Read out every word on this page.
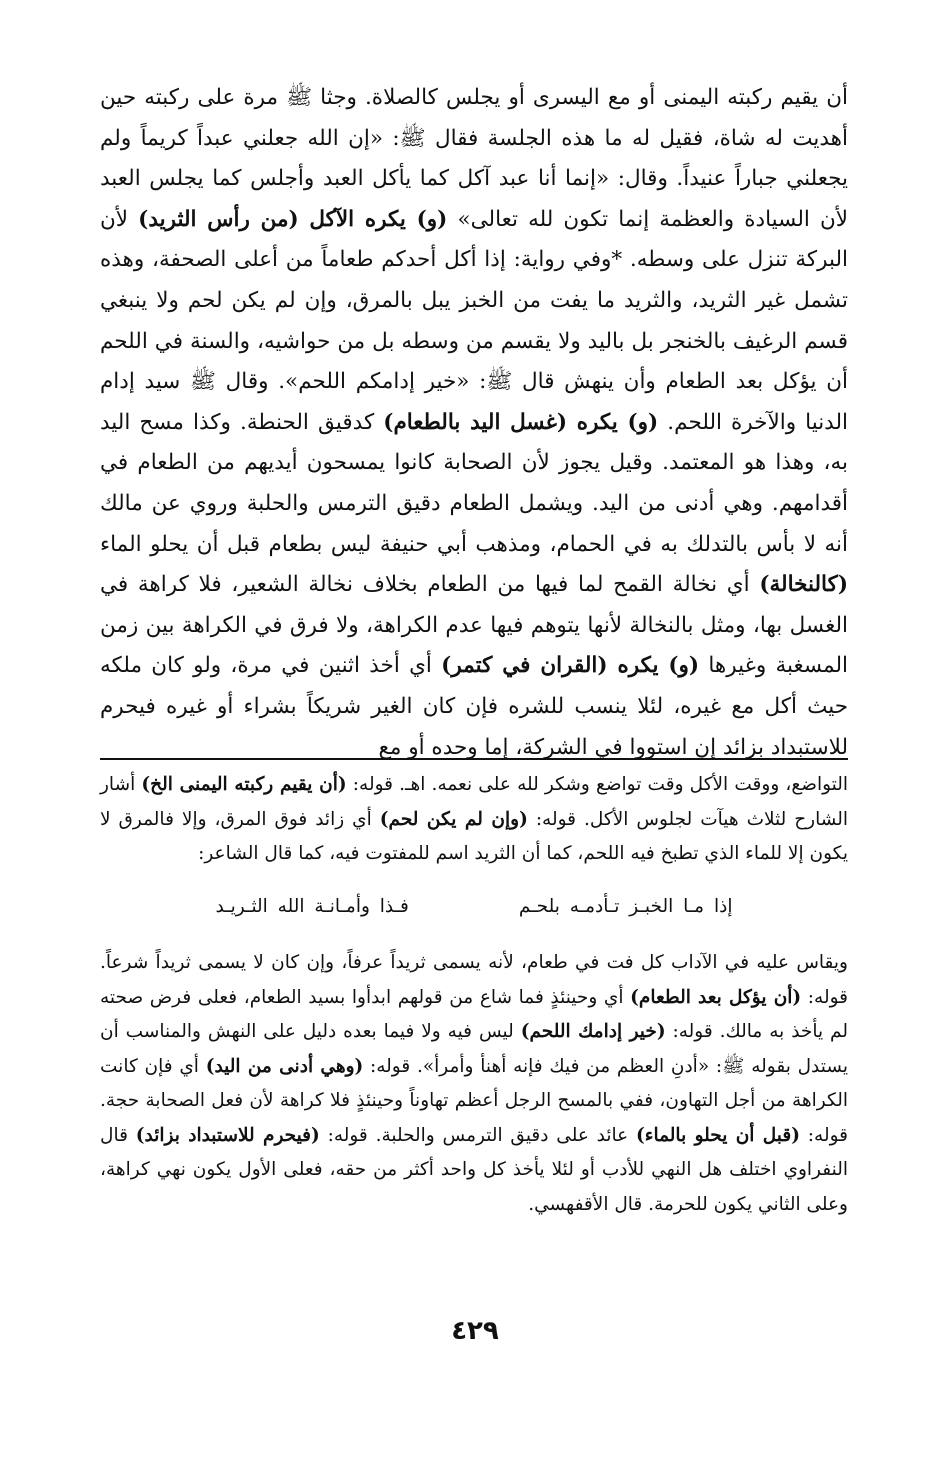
أن يقيم ركبته اليمنى أو مع اليسرى أو يجلس كالصلاة. وجثا ﷺ مرة على ركبته حين أهديت له شاة، فقيل له ما هذه الجلسة فقال ﷺ: «إن الله جعلني عبداً كريماً ولم يجعلني جباراً عنيداً. وقال: «إنما أنا عبد آكل كما يأكل العبد وأجلس كما يجلس العبد لأن السيادة والعظمة إنما تكون لله تعالى» (و) يكره الآكل (من رأس الثريد) لأن البركة تنزل على وسطه. *وفي رواية: إذا أكل أحدكم طعاماً من أعلى الصحفة، وهذه تشمل غير الثريد، والثريد ما يفت من الخبز يبل بالمرق، وإن لم يكن لحم ولا ينبغي قسم الرغيف بالخنجر بل باليد ولا يقسم من وسطه بل من حواشيه، والسنة في اللحم أن يؤكل بعد الطعام وأن ينهش قال ﷺ: «خير إدامكم اللحم». وقال ﷺ سيد إدام الدنيا والآخرة اللحم. (و) يكره (غسل اليد بالطعام) كدقيق الحنطة. وكذا مسح اليد به، وهذا هو المعتمد. وقيل يجوز لأن الصحابة كانوا يمسحون أيديهم من الطعام في أقدامهم. وهي أدنى من اليد. ويشمل الطعام دقيق الترمس والحلبة وروي عن مالك أنه لا بأس بالتدلك به في الحمام، ومذهب أبي حنيفة ليس بطعام قبل أن يحلو الماء (كالنخالة) أي نخالة القمح لما فيها من الطعام بخلاف نخالة الشعير، فلا كراهة في الغسل بها، ومثل بالنخالة لأنها يتوهم فيها عدم الكراهة، ولا فرق في الكراهة بين زمن المسغبة وغيرها (و) يكره (القران في كتمر) أي أخذ اثنين في مرة، ولو كان ملكه حيث أكل مع غيره، لئلا ينسب للشره فإن كان الغير شريكاً بشراء أو غيره فيحرم للاستبداد بزائد إن استووا في الشركة، إما وحده أو مع

التواضع، ووقت الأكل وقت تواضع وشكر لله على نعمه. اهـ. قوله: (أن يقيم ركبته اليمنى الخ) أشار الشارح لثلاث هيآت لجلوس الأكل. قوله: (وإن لم يكن لحم) أي زائد فوق المرق، وإلا فالمرق لا يكون إلا للماء الذي تطبخ فيه اللحم، كما أن الثريد اسم للمفتوت فيه، كما قال الشاعر:

إذا مـا الخبـز تـأدمـه بلحـم
فـذا وأمـانـة الله الثـريـد

ويقاس عليه في الآداب كل فت في طعام، لأنه يسمى ثريداً عرفاً، وإن كان لا يسمى ثريداً شرعاً. قوله: (أن يؤكل بعد الطعام) أي وحينئذٍ فما شاع من قولهم ابدأوا بسيد الطعام، فعلى فرض صحته لم يأخذ به مالك. قوله: (خير إدامك اللحم) ليس فيه ولا فيما بعده دليل على النهش والمناسب أن يستدل بقوله ﷺ: «أدنِ العظم من فيك فإنه أهنأ وأمرأ». قوله: (وهي أدنى من اليد) أي فإن كانت الكراهة من أجل التهاون، ففي بالمسح الرجل أعظم تهاوناً وحينئذٍ فلا كراهة لأن فعل الصحابة حجة. قوله: (قبل أن يحلو بالماء) عائد على دقيق الترمس والحلبة. قوله: (فيحرم للاستبداد بزائد) قال النفراوي اختلف هل النهي للأدب أو لئلا يأخذ كل واحد أكثر من حقه، فعلى الأول يكون نهي كراهة، وعلى الثاني يكون للحرمة. قال الأقفهسي.

٤٢٩
